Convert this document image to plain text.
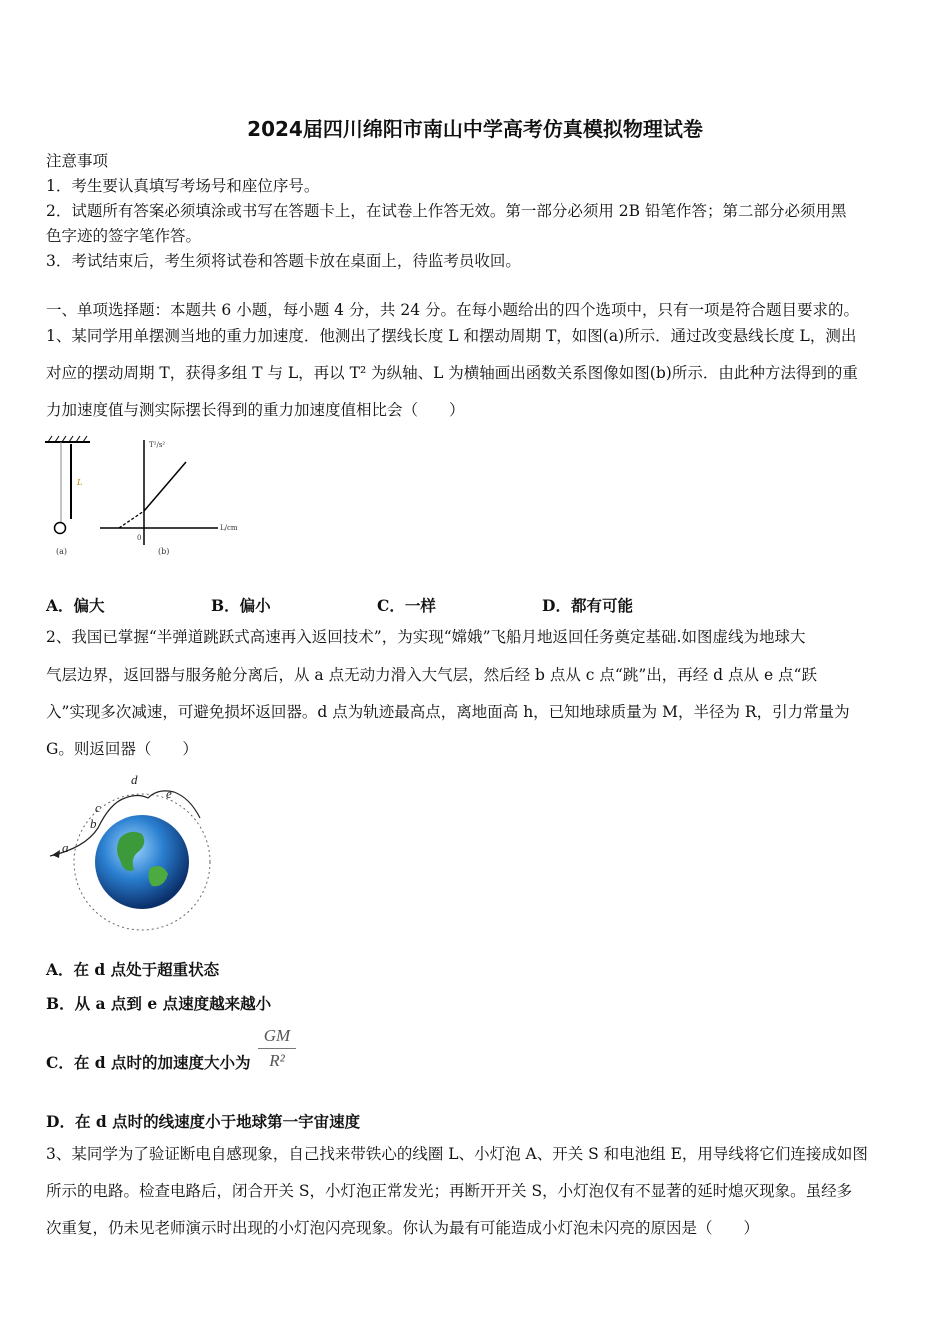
2024届四川绵阳市南山中学高考仿真模拟物理试卷
注意事项
1．考生要认真填写考场号和座位序号。
2．试题所有答案必须填涂或书写在答题卡上，在试卷上作答无效。第一部分必须用 2B 铅笔作答；第二部分必须用黑
色字迹的签字笔作答。
3．考试结束后，考生须将试卷和答题卡放在桌面上，待监考员收回。
一、单项选择题：本题共 6 小题，每小题 4 分，共 24 分。在每小题给出的四个选项中，只有一项是符合题目要求的。
1、某同学用单摆测当地的重力加速度．他测出了摆线长度 L 和摆动周期 T，如图(a)所示．通过改变悬线长度 L，测出
对应的摆动周期 T，获得多组 T 与 L，再以 T² 为纵轴、L 为横轴画出函数关系图像如图(b)所示．由此种方法得到的重
力加速度值与测实际摆长得到的重力加速度值相比会（　　）
L
(a)
T²/s²
L/cm
0
(b)
A．偏大	B．偏小	C．一样	D．都有可能
2、我国已掌握“半弹道跳跃式高速再入返回技术”，为实现“嫦娥”飞船月地返回任务奠定基础.如图虚线为地球大
气层边界，返回器与服务舱分离后，从 a 点无动力滑入大气层，然后经 b 点从 c 点“跳”出，再经 d 点从 e 点“跃
入”实现多次减速，可避免损坏返回器。d 点为轨迹最高点，离地面高 h，已知地球质量为 M，半径为 R，引力常量为
G。则返回器（　　）
a
b
c
d
e
A．在 d 点处于超重状态
B．从 a 点到 e 点速度越来越小
C．在 d 点时的加速度大小为 $\frac{GM}{\text{R²}}$
D．在 d 点时的线速度小于地球第一宇宙速度
3、某同学为了验证断电自感现象，自己找来带铁心的线圈 L、小灯泡 A、开关 S 和电池组 E，用导线将它们连接成如图
所示的电路。检查电路后，闭合开关 S，小灯泡正常发光；再断开开关 S，小灯泡仅有不显著的延时熄灭现象。虽经多
次重复，仍未见老师演示时出现的小灯泡闪亮现象。你认为最有可能造成小灯泡未闪亮的原因是（　　）
